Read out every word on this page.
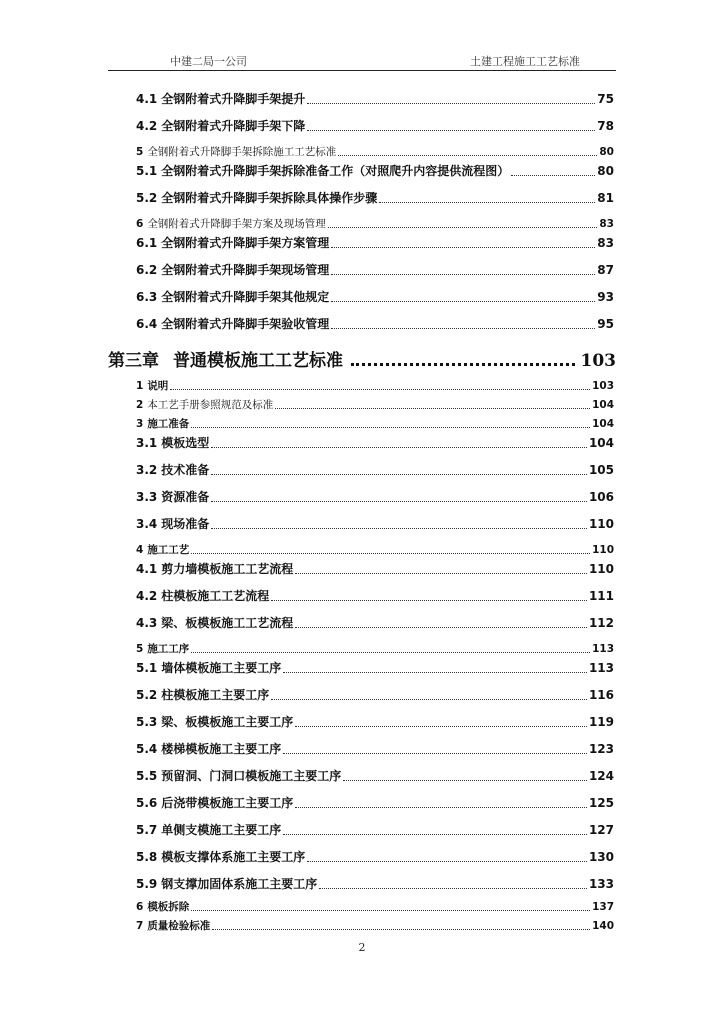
中建二局一公司	土建工程施工工艺标准
4.1 全钢附着式升降脚手架提升	75
4.2 全钢附着式升降脚手架下降	78
5 全钢附着式升降脚手架拆除施工工艺标准	80
5.1 全钢附着式升降脚手架拆除准备工作（对照爬升内容提供流程图）	80
5.2 全钢附着式升降脚手架拆除具体操作步骤	81
6 全钢附着式升降脚手架方案及现场管理	83
6.1 全钢附着式升降脚手架方案管理	83
6.2 全钢附着式升降脚手架现场管理	87
6.3 全钢附着式升降脚手架其他规定	93
6.4 全钢附着式升降脚手架验收管理	95
第三章 普通模板施工工艺标准	103
1 说明	103
2 本工艺手册参照规范及标准	104
3 施工准备	104
3.1 模板选型	104
3.2 技术准备	105
3.3 资源准备	106
3.4 现场准备	110
4 施工工艺	110
4.1 剪力墙模板施工工艺流程	110
4.2 柱模板施工工艺流程	111
4.3 梁、板模板施工工艺流程	112
5 施工工序	113
5.1 墙体模板施工主要工序	113
5.2 柱模板施工主要工序	116
5.3 梁、板模板施工主要工序	119
5.4 楼梯模板施工主要工序	123
5.5 预留洞、门洞口模板施工主要工序	124
5.6 后浇带模板施工主要工序	125
5.7 单侧支模施工主要工序	127
5.8 模板支撑体系施工主要工序	130
5.9 钢支撑加固体系施工主要工序	133
6 模板拆除	137
7 质量检验标准	140
2
